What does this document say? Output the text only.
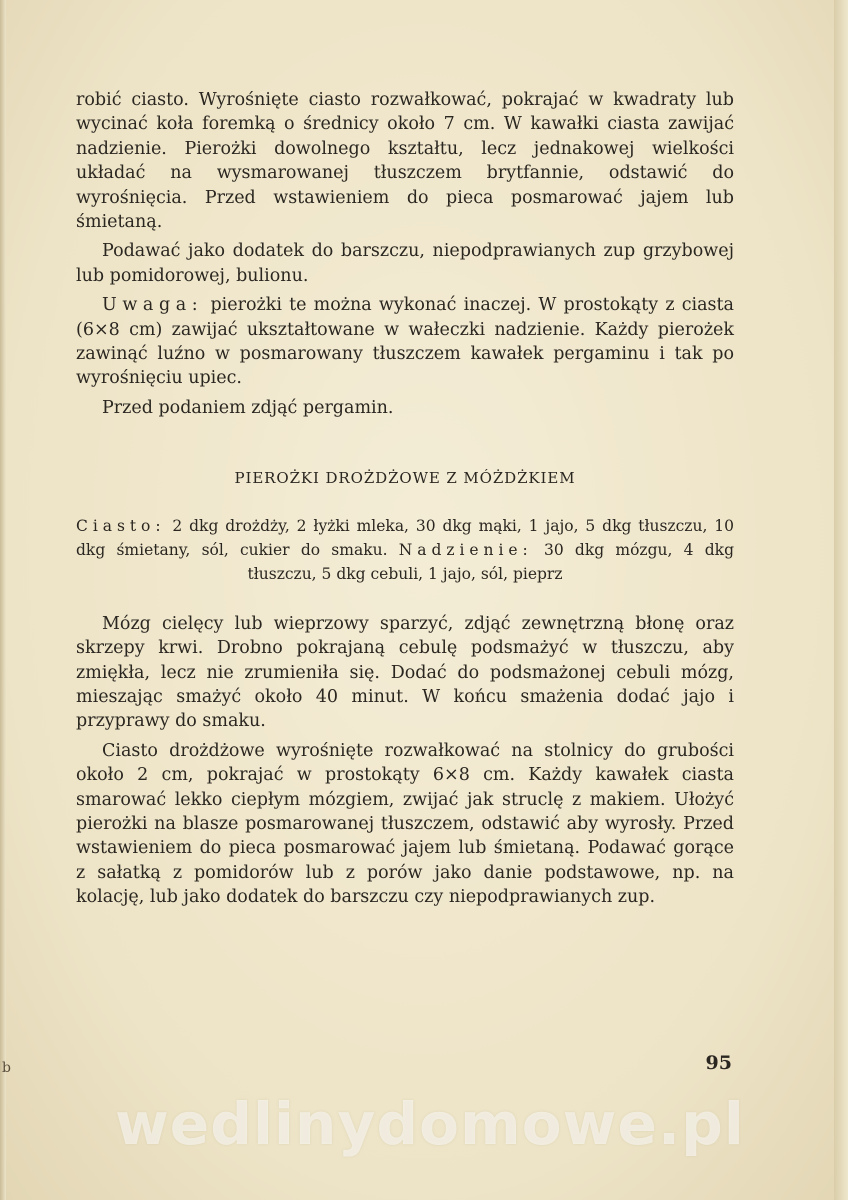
robić ciasto. Wyrośnięte ciasto rozwałkować, pokrajać w kwadraty lub wycinać koła foremką o średnicy około 7 cm. W kawałki ciasta zawijać nadzienie. Pierożki dowolnego kształtu, lecz jednakowej wielkości układać na wysmarowanej tłuszczem brytfannie, odstawić do wyrośnięcia. Przed wstawieniem do pieca posmarować jajem lub śmietaną.

Podawać jako dodatek do barszczu, niepodprawianych zup grzybowej lub pomidorowej, bulionu.

Uwaga: pierożki te można wykonać inaczej. W prostokąty z ciasta (6×8 cm) zawijać ukształtowane w wałeczki nadzienie. Każdy pierożek zawinąć luźno w posmarowany tłuszczem kawałek pergaminu i tak po wyrośnięciu upiec.

Przed podaniem zdjąć pergamin.

PIEROŻKI DROŻDŻOWE Z MÓŻDŻKIEM
Ciasto: 2 dkg drożdży, 2 łyżki mleka, 30 dkg mąki, 1 jajo, 5 dkg tłuszczu, 10 dkg śmietany, sól, cukier do smaku. Nadzienie: 30 dkg mózgu, 4 dkg tłuszczu, 5 dkg cebuli, 1 jajo, sól, pieprz

Mózg cielęcy lub wieprzowy sparzyć, zdjąć zewnętrzną błonę oraz skrzepy krwi. Drobno pokrajaną cebulę podsmażyć w tłuszczu, aby zmiękła, lecz nie zrumieniła się. Dodać do podsmażonej cebuli mózg, mieszając smażyć około 40 minut. W końcu smażenia dodać jajo i przyprawy do smaku.

Ciasto drożdżowe wyrośnięte rozwałkować na stolnicy do grubości około 2 cm, pokrajać w prostokąty 6×8 cm. Każdy kawałek ciasta smarować lekko ciepłym mózgiem, zwijać jak struclę z makiem. Ułożyć pierożki na blasze posmarowanej tłuszczem, odstawić aby wyrosły. Przed wstawieniem do pieca posmarować jajem lub śmietaną. Podawać gorące z sałatką z pomidorów lub z porów jako danie podstawowe, np. na kolację, lub jako dodatek do barszczu czy niepodprawianych zup.

95
b
wedlinydomowe.pl
